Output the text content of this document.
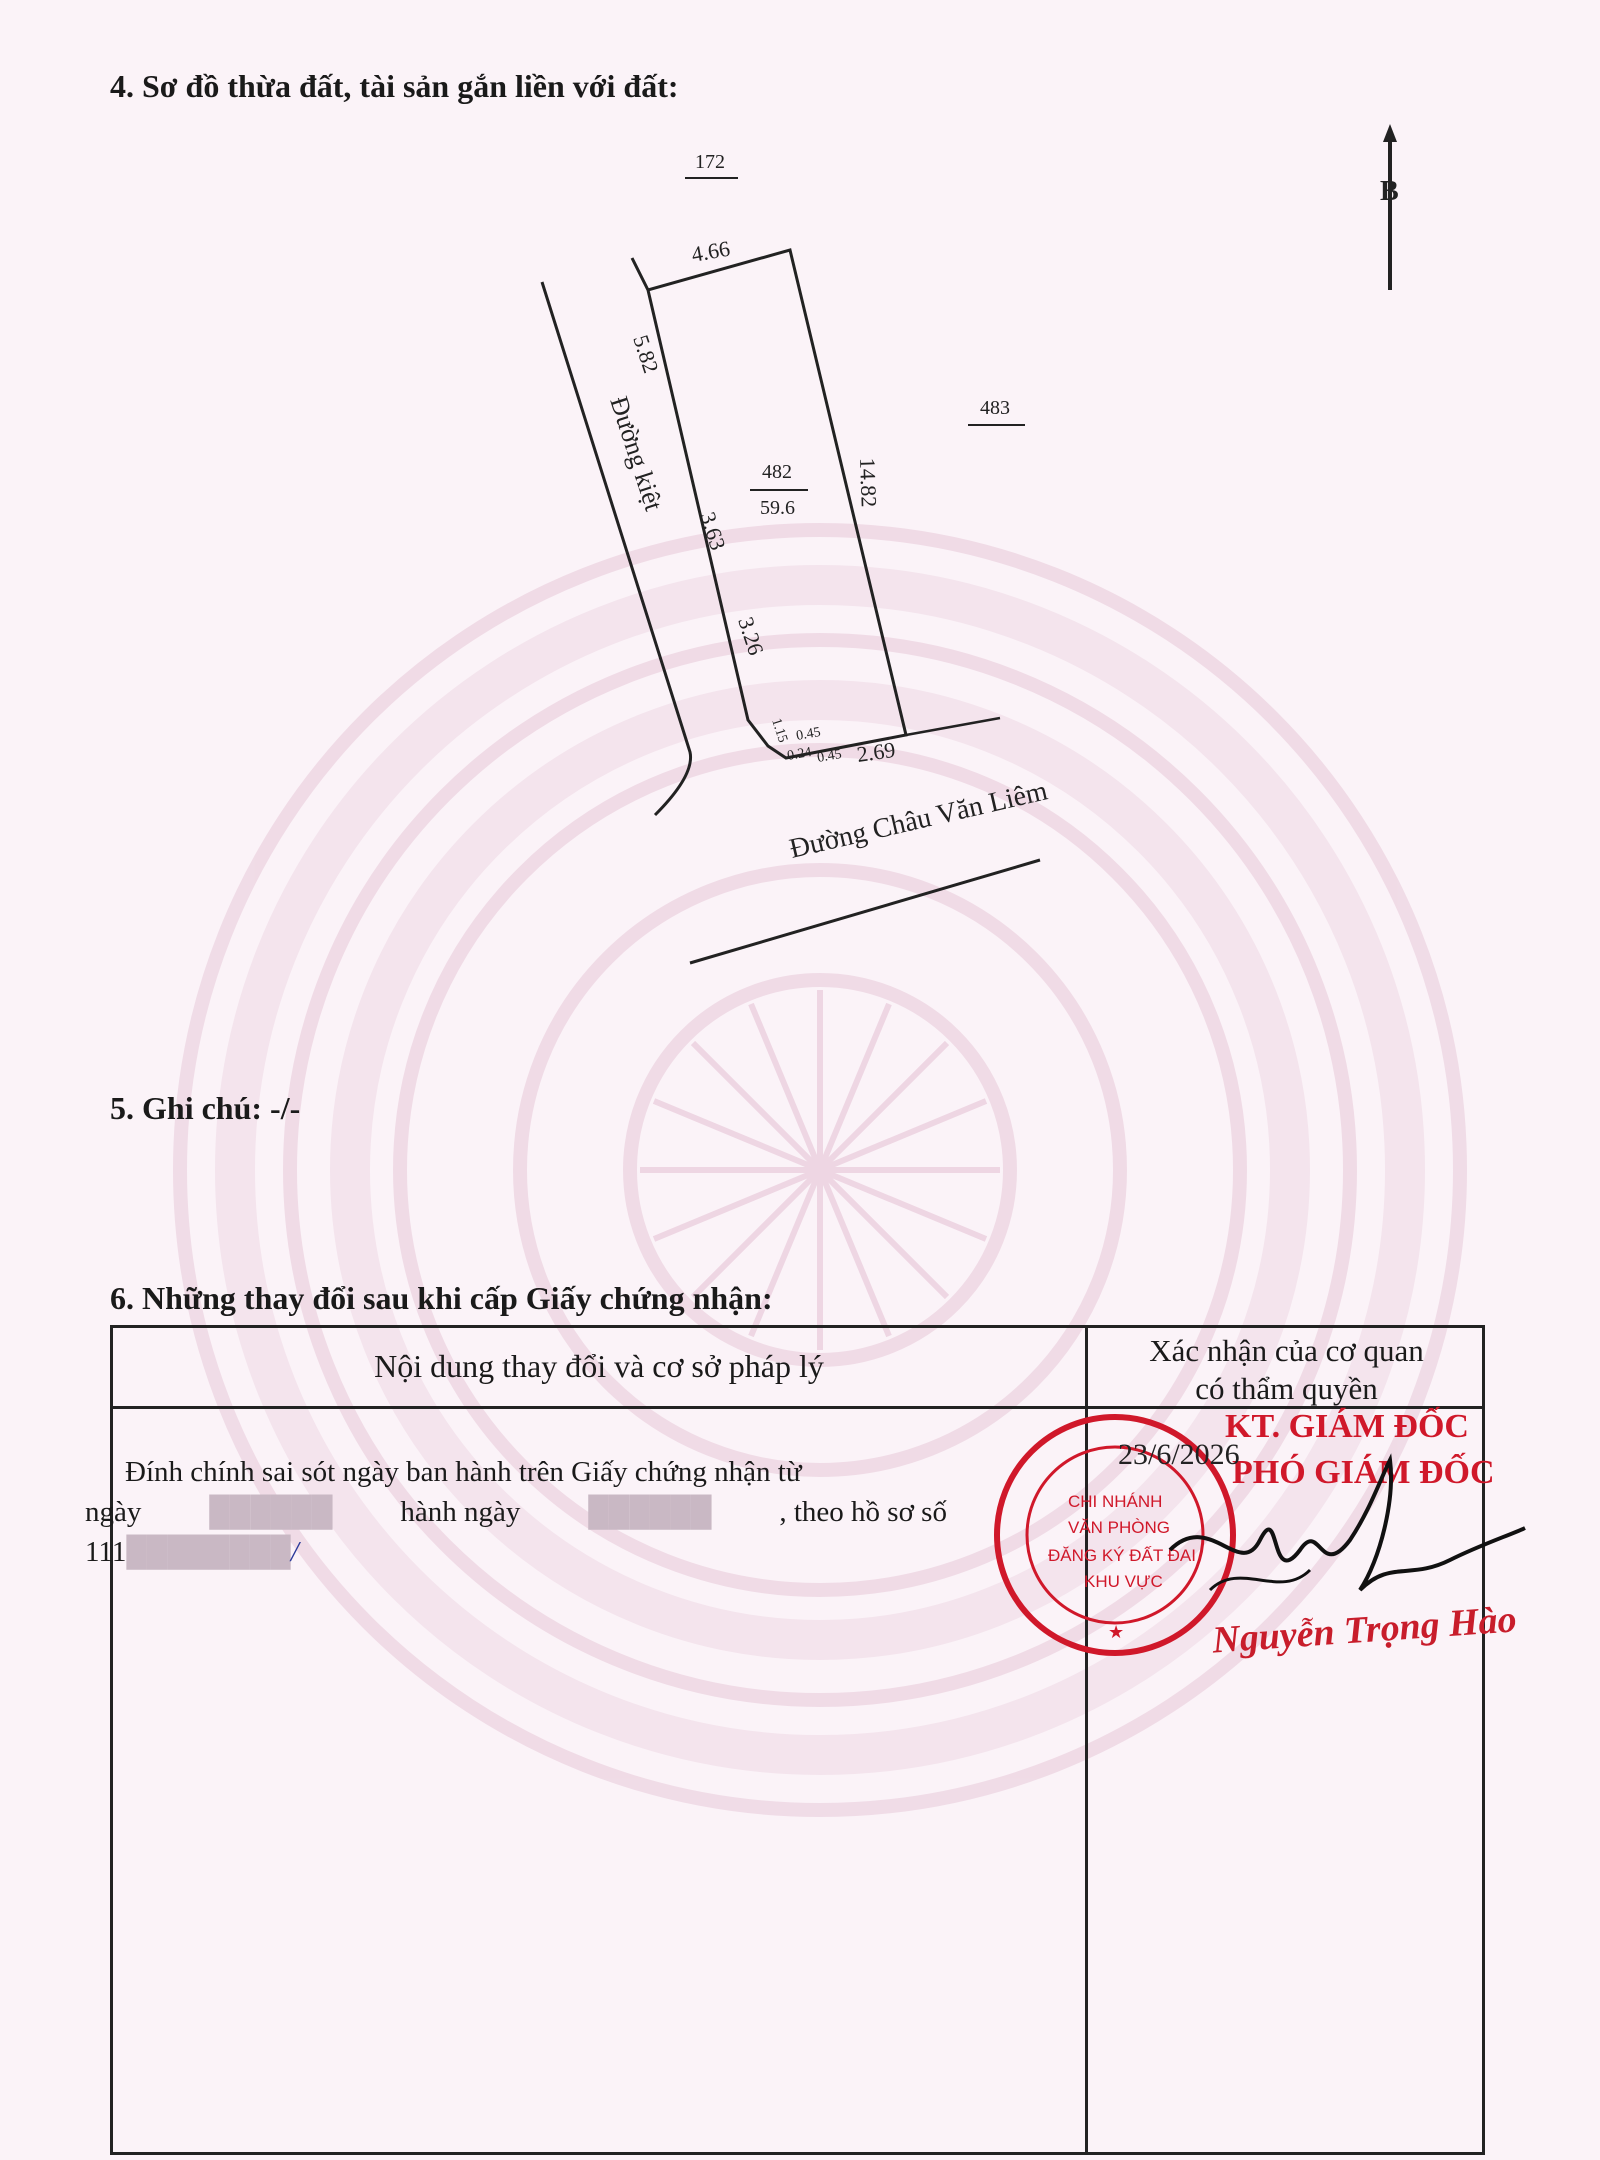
4. Sơ đồ thừa đất, tài sản gắn liền với đất:
B
172
483
482
59.6
4.66
5.82
3.63
3.26
14.82
2.69
1.15 0.45
0.24 0.45
Đường kiệt
Đường Châu Văn Liêm
5. Ghi chú: -/-
6. Những thay đổi sau khi cấp Giấy chứng nhận:
Nội dung thay đổi và cơ sở pháp lý	Xác nhận của cơ quan
có thẩm quyền
Đính chính sai sót ngày ban hành trên Giấy chứng nhận từ
ngày ██████ hành ngày ██████ , theo hồ sơ số
111████████/
CHI NHÁNH
VĂN PHÒNG
ĐĂNG KÝ ĐẤT ĐAI
KHU VỰC
★
KT. GIÁM ĐỐC
PHÓ GIÁM ĐỐC
23/6/2026
Nguyễn Trọng Hào
